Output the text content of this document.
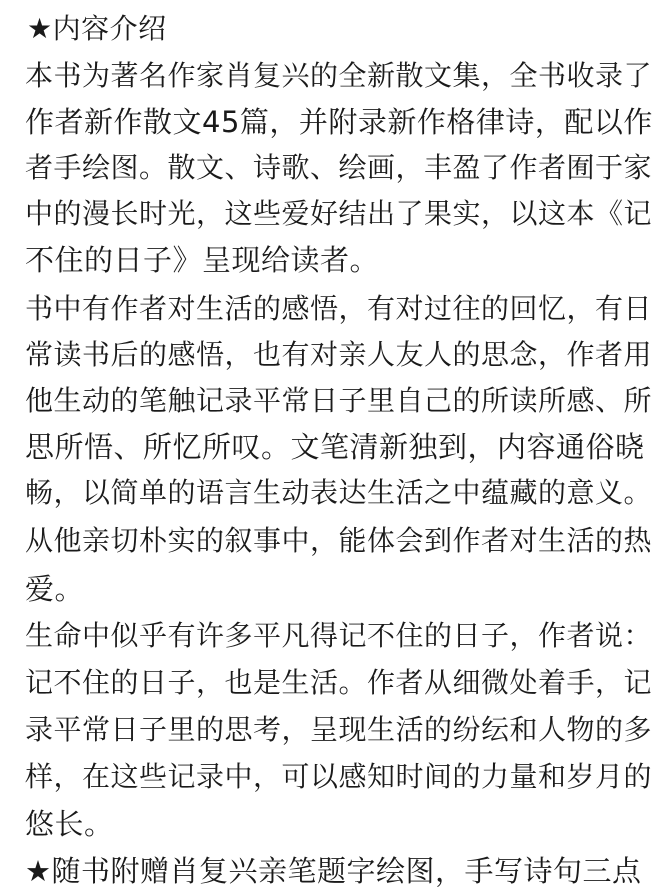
★内容介绍
本书为著名作家肖复兴的全新散文集，全书收录了
作者新作散文45篇，并附录新作格律诗，配以作
者手绘图。散文、诗歌、绘画，丰盈了作者囿于家
中的漫长时光，这些爱好结出了果实，以这本《记
不住的日子》呈现给读者。
书中有作者对生活的感悟，有对过往的回忆，有日
常读书后的感悟，也有对亲人友人的思念，作者用
他生动的笔触记录平常日子里自己的所读所感、所
思所悟、所忆所叹。文笔清新独到，内容通俗晓
畅，以简单的语言生动表达生活之中蕴藏的意义。
从他亲切朴实的叙事中，能体会到作者对生活的热
爱。
生命中似乎有许多平凡得记不住的日子，作者说：
记不住的日子，也是生活。作者从细微处着手，记
录平常日子里的思考，呈现生活的纷纭和人物的多
样，在这些记录中，可以感知时间的力量和岁月的
悠长。
★随书附赠肖复兴亲笔题字绘图，手写诗句三点
